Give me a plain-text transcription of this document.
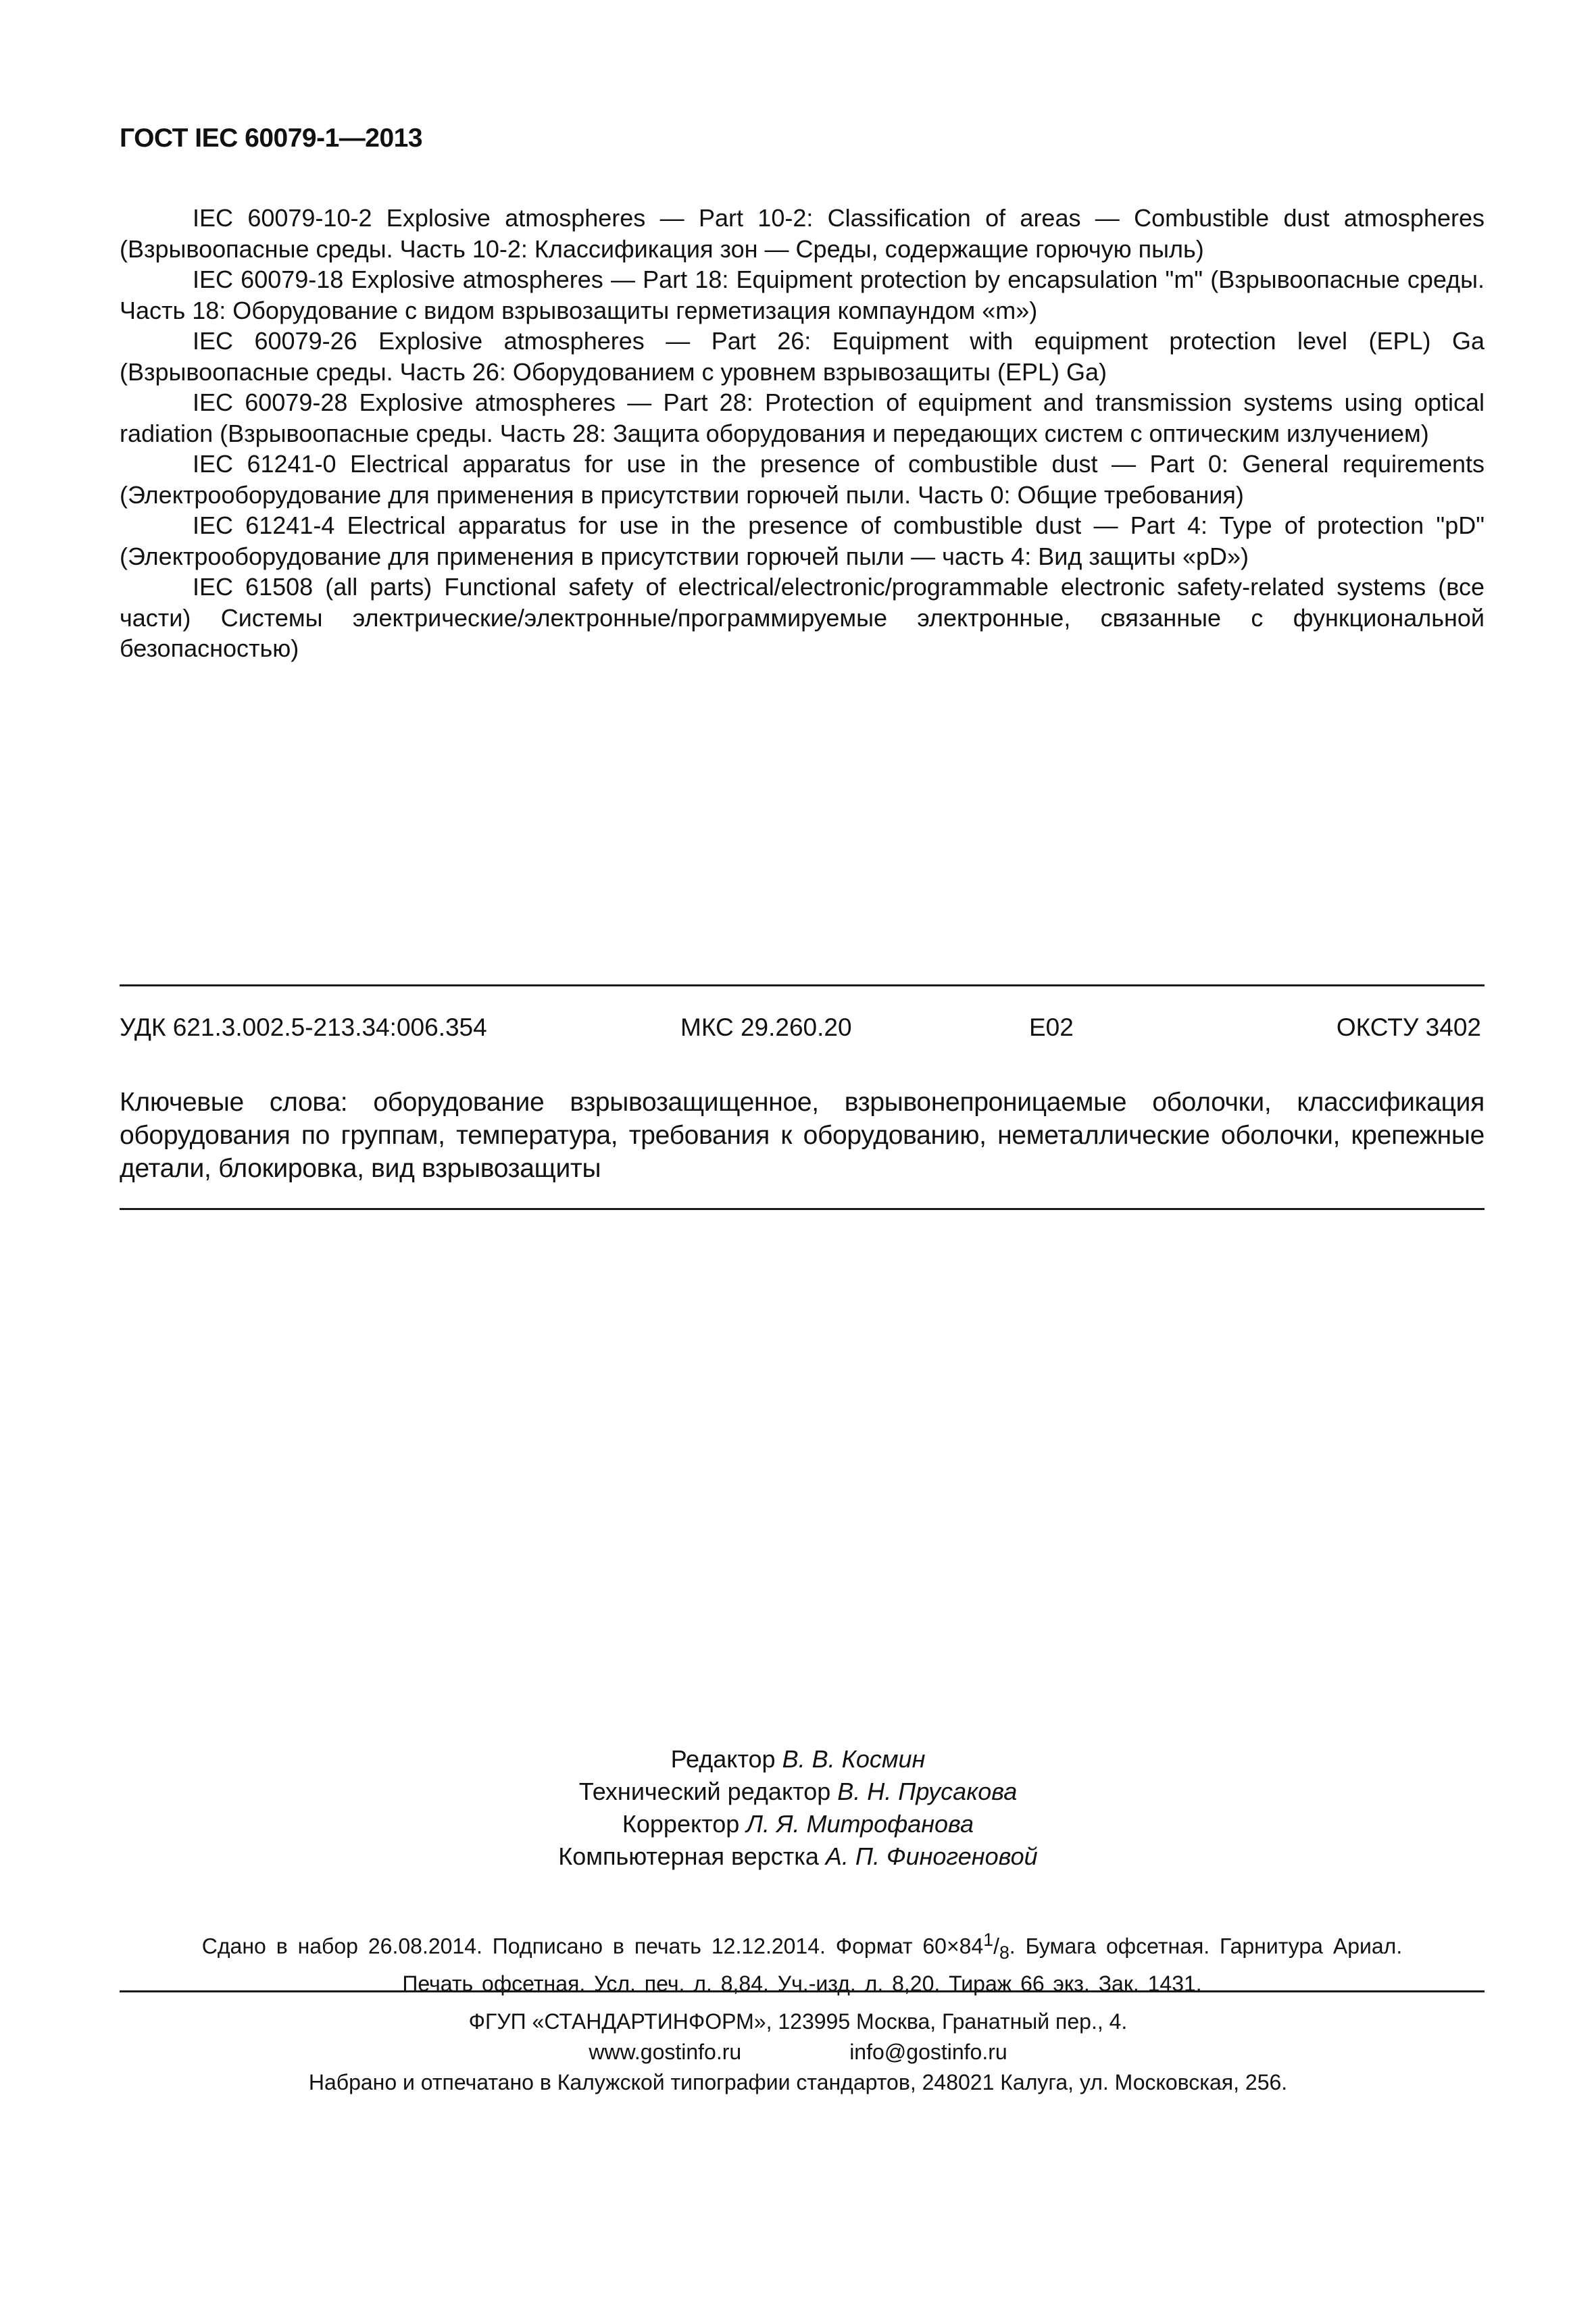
ГОСТ IEC 60079-1—2013

IEC 60079-10-2 Explosive atmospheres — Part 10-2: Classification of areas — Combustible dust atmospheres (Взрывоопасные среды. Часть 10-2: Классификация зон — Среды, содержащие горючую пыль)

IEC 60079-18 Explosive atmospheres — Part 18: Equipment protection by encapsulation "m" (Взрывоопасные среды. Часть 18: Оборудование с видом взрывозащиты герметизация компаундом «m»)

IEC 60079-26 Explosive atmospheres — Part 26: Equipment with equipment protection level (EPL) Ga (Взрывоопасные среды. Часть 26: Оборудованием с уровнем взрывозащиты (EPL) Ga)

IEC 60079-28 Explosive atmospheres — Part 28: Protection of equipment and transmission systems using optical radiation (Взрывоопасные среды. Часть 28: Защита оборудования и передающих систем с оптическим излучением)

IEC 61241-0 Electrical apparatus for use in the presence of combustible dust — Part 0: General requirements (Электрооборудование для применения в присутствии горючей пыли. Часть 0: Общие требования)

IEC 61241-4 Electrical apparatus for use in the presence of combustible dust — Part 4: Type of protection "pD" (Электрооборудование для применения в присутствии горючей пыли — часть 4: Вид защиты «pD»)

IEC 61508 (all parts) Functional safety of electrical/electronic/programmable electronic safety-related systems (все части) Системы электрические/электронные/программируемые электронные, связанные с функциональной безопасностью)

УДК 621.3.002.5-213.34:006.354	МКС 29.260.20	E02	ОКСТУ 3402
Ключевые слова: оборудование взрывозащищенное, взрывонепроницаемые оболочки, классификация оборудования по группам, температура, требования к оборудованию, неметаллические оболочки, крепежные детали, блокировка, вид взрывозащиты
Редактор В. В. Космин
Технический редактор В. Н. Прусакова
Корректор Л. Я. Митрофанова
Компьютерная верстка А. П. Финогеновой
Сдано в набор 26.08.2014. Подписано в печать 12.12.2014. Формат $60\times 84^1/_8$. Бумага офсетная. Гарнитура Ариал.
Печать офсетная. Усл. печ. л. 8,84. Уч.-изд. л. 8,20. Тираж 66 экз. Зак. 1431.
ФГУП «СТАНДАРТИНФОРМ», 123995 Москва, Гранатный пер., 4.
www.gostinfo.ru	info@gostinfo.ru
Набрано и отпечатано в Калужской типографии стандартов, 248021 Калуга, ул. Московская, 256.
